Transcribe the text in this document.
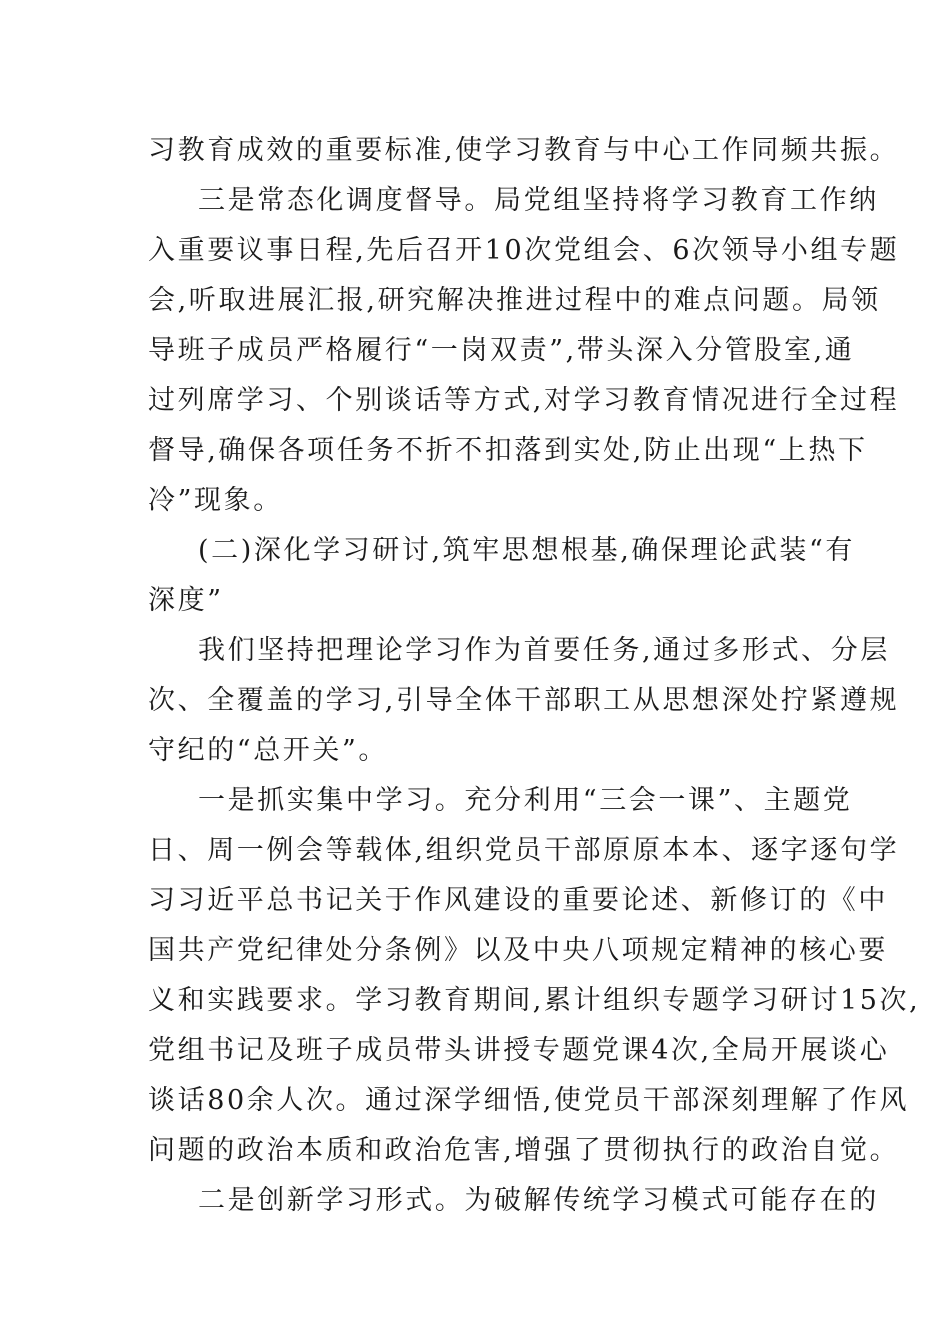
习教育成效的重要标准,使学习教育与中心工作同频共振。

三是常态化调度督导。局党组坚持将学习教育工作纳

入重要议事日程,先后召开10次党组会、6次领导小组专题

会,听取进展汇报,研究解决推进过程中的难点问题。局领

导班子成员严格履行“一岗双责”,带头深入分管股室,通

过列席学习、个别谈话等方式,对学习教育情况进行全过程

督导,确保各项任务不折不扣落到实处,防止出现“上热下

冷”现象。

(二)深化学习研讨,筑牢思想根基,确保理论武装“有

深度”

我们坚持把理论学习作为首要任务,通过多形式、分层

次、全覆盖的学习,引导全体干部职工从思想深处拧紧遵规

守纪的“总开关”。

一是抓实集中学习。充分利用“三会一课”、主题党

日、周一例会等载体,组织党员干部原原本本、逐字逐句学

习习近平总书记关于作风建设的重要论述、新修订的《中

国共产党纪律处分条例》以及中央八项规定精神的核心要

义和实践要求。学习教育期间,累计组织专题学习研讨15次,

党组书记及班子成员带头讲授专题党课4次,全局开展谈心

谈话80余人次。通过深学细悟,使党员干部深刻理解了作风

问题的政治本质和政治危害,增强了贯彻执行的政治自觉。

二是创新学习形式。为破解传统学习模式可能存在的
